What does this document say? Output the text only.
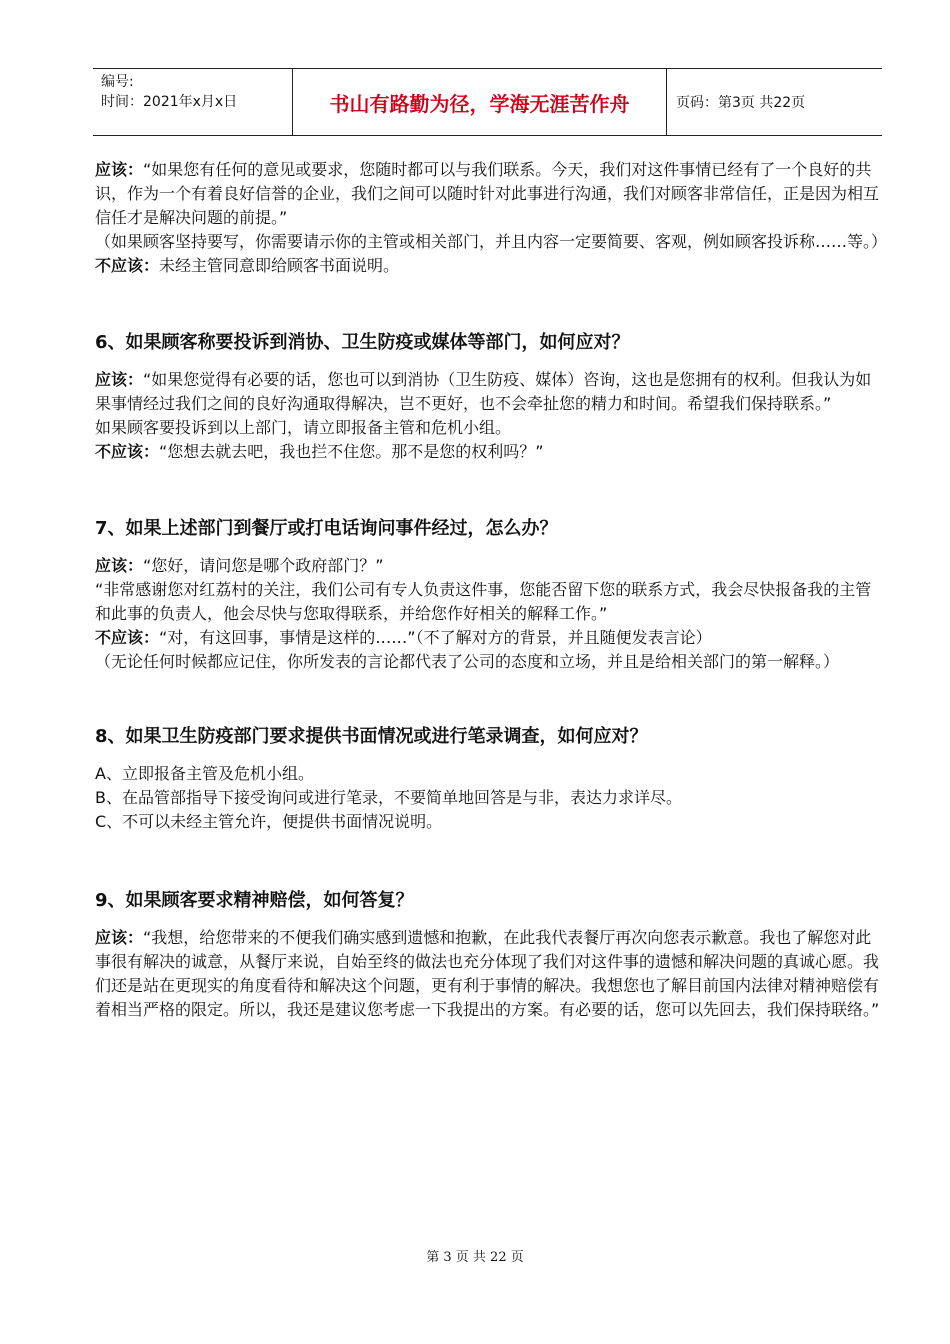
编号:
时间：2021年x月x日	书山有路勤为径，学海无涯苦作舟	页码：第3页 共22页

应该：“如果您有任何的意见或要求，您随时都可以与我们联系。今天，我们对这件事情已经有了一个良好的共识，作为一个有着良好信誉的企业，我们之间可以随时针对此事进行沟通，我们对顾客非常信任，正是因为相互信任才是解决问题的前提。”

（如果顾客坚持要写，你需要请示你的主管或相关部门，并且内容一定要简要、客观，例如顾客投诉称……等。）

不应该：未经主管同意即给顾客书面说明。

6、如果顾客称要投诉到消协、卫生防疫或媒体等部门，如何应对？

应该：“如果您觉得有必要的话，您也可以到消协（卫生防疫、媒体）咨询，这也是您拥有的权利。但我认为如果事情经过我们之间的良好沟通取得解决，岂不更好，也不会牵扯您的精力和时间。希望我们保持联系。”

如果顾客要投诉到以上部门，请立即报备主管和危机小组。

不应该：“您想去就去吧，我也拦不住您。那不是您的权利吗？”

7、如果上述部门到餐厅或打电话询问事件经过，怎么办？

应该：“您好，请问您是哪个政府部门？”

“非常感谢您对红荔村的关注，我们公司有专人负责这件事，您能否留下您的联系方式，我会尽快报备我的主管和此事的负责人，他会尽快与您取得联系，并给您作好相关的解释工作。”

不应该：“对，有这回事，事情是这样的……”（不了解对方的背景，并且随便发表言论）

（无论任何时候都应记住，你所发表的言论都代表了公司的态度和立场，并且是给相关部门的第一解释。）

8、如果卫生防疫部门要求提供书面情况或进行笔录调查，如何应对？

A、立即报备主管及危机小组。

B、在品管部指导下接受询问或进行笔录，不要简单地回答是与非，表达力求详尽。

C、不可以未经主管允许，便提供书面情况说明。

9、如果顾客要求精神赔偿，如何答复？

应该：“我想，给您带来的不便我们确实感到遗憾和抱歉，在此我代表餐厅再次向您表示歉意。我也了解您对此事很有解决的诚意，从餐厅来说，自始至终的做法也充分体现了我们对这件事的遗憾和解决问题的真诚心愿。我们还是站在更现实的角度看待和解决这个问题，更有利于事情的解决。我想您也了解目前国内法律对精神赔偿有着相当严格的限定。所以，我还是建议您考虑一下我提出的方案。有必要的话，您可以先回去，我们保持联络。”

第 3 页 共 22 页
